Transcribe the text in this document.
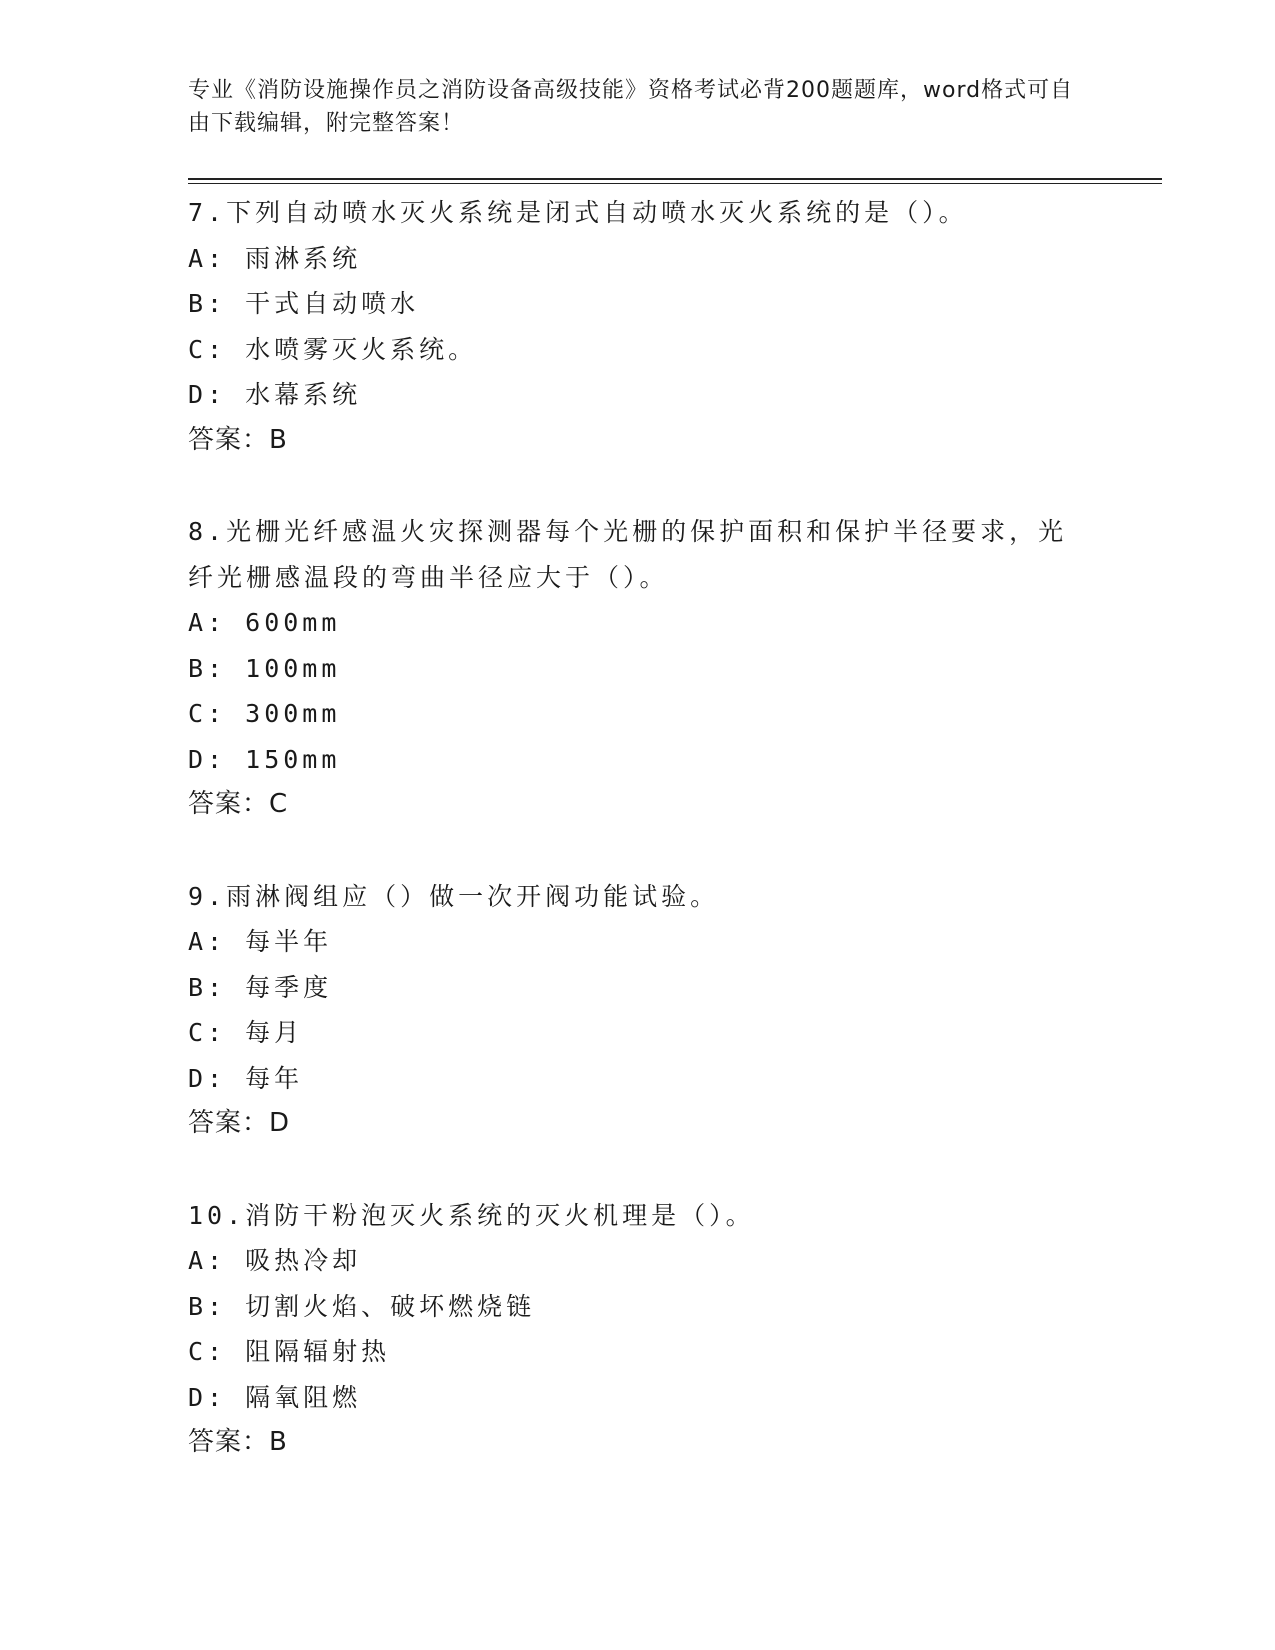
专业《消防设施操作员之消防设备高级技能》资格考试必背200题题库，word格式可自由下载编辑，附完整答案！

7.下列自动喷水灭火系统是闭式自动喷水灭火系统的是（）。

A: 雨淋系统

B: 干式自动喷水

C: 水喷雾灭火系统。

D: 水幕系统

答案：B

8.光栅光纤感温火灾探测器每个光栅的保护面积和保护半径要求，光纤光栅感温段的弯曲半径应大于（）。

A: 600mm

B: 100mm

C: 300mm

D: 150mm

答案：C

9.雨淋阀组应（）做一次开阀功能试验。

A: 每半年

B: 每季度

C: 每月

D: 每年

答案：D

10.消防干粉泡灭火系统的灭火机理是（）。

A: 吸热冷却

B: 切割火焰、破坏燃烧链

C: 阻隔辐射热

D: 隔氧阻燃

答案：B
